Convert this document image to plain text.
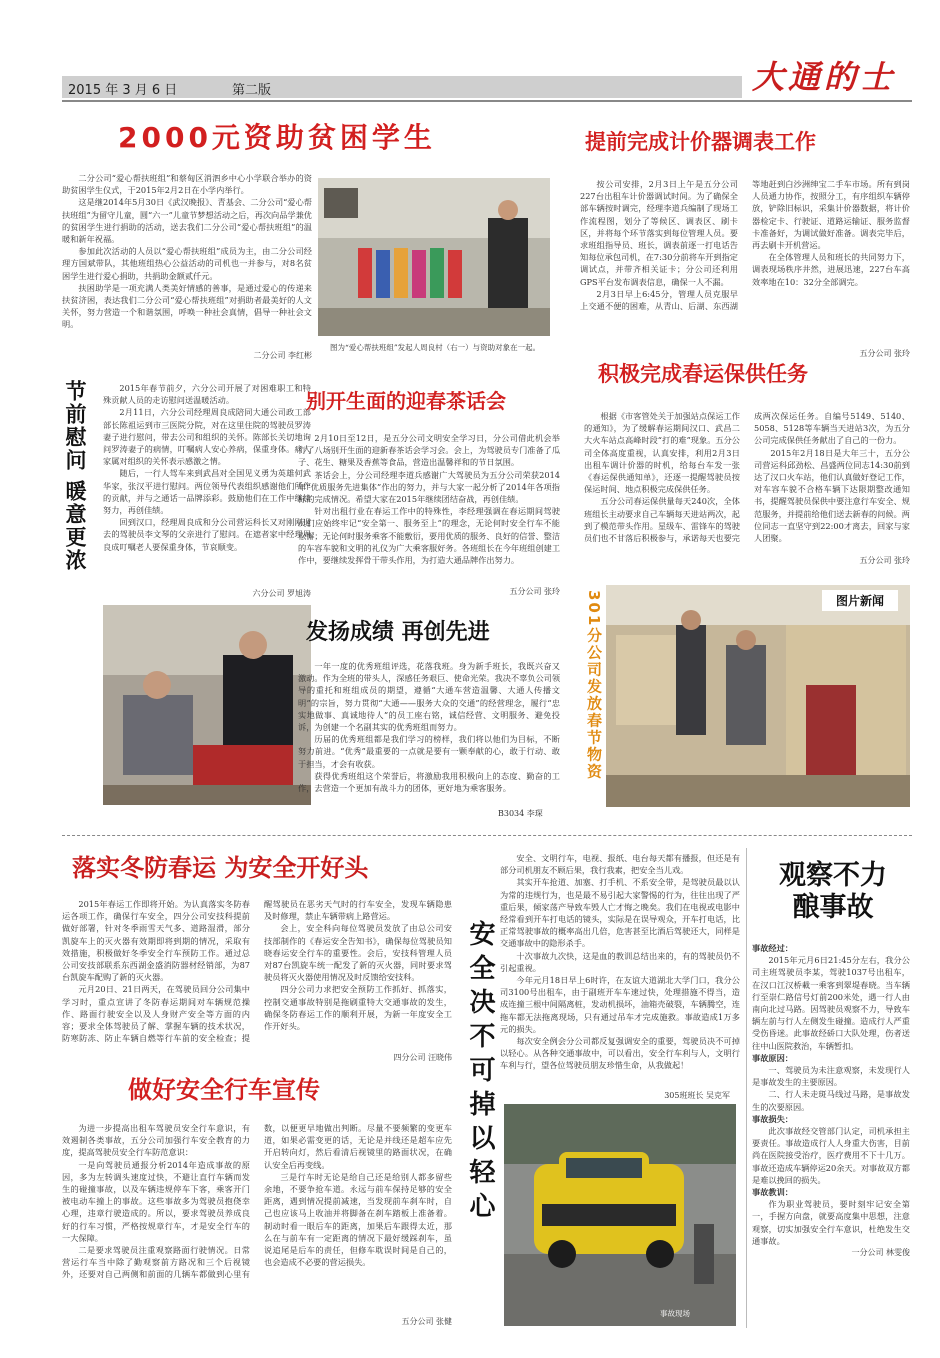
2015 年 3 月 6 日	第二版	大通的士
2000元资助贫困学生

二分公司“爱心帮扶班组”和蔡甸区消泗乡中心小学联合举办的资助贫困学生仪式，于2015年2月2日在小学内举行。

这是继2014年5月30日《武汉晚报》、青基会、二分公司“爱心帮扶班组”为留守儿童，圆“六一”儿童节梦想活动之后，再次向品学兼优的贫困学生进行捐助的活动，送去我们二分公司“爱心帮扶班组”的温暖和新年祝福。

参加此次活动的人员以“爱心帮扶班组”成员为主，由二分公司经理方国斌带队，其他班组热心公益活动的司机也一并参与，对8名贫困学生进行爱心捐助，共捐助金额贰仟元。

扶困助学是一项充满人类美好情感的善事，是通过爱心的传递来扶贫济困，表达我们二分公司“爱心帮扶班组”对捐助者最美好的人文关怀，努力营造一个和谐氛围，呼唤一种社会真情，倡导一种社会文明。

二分公司 李红彬
图为“爱心帮扶班组”发起人周良村（右一）与资助对象在一起。
提前完成计价器调表工作

按公司安排，2月3日上午是五分公司227台出租车计价器调试时间。为了确保全部车辆按时调完，经理李道兵编制了现场工作流程图，划分了等候区、调表区、刷卡区，并将每个环节落实到每位管理人员。要求班组指导员、班长，调表前逐一打电话告知每位承包司机，在7:30分前将车开到指定调试点，并带齐相关证卡；分公司还利用GPS平台发布调表信息，确保一人不漏。

2月3日早上6:45分，管理人员克服早上交通不便的困难，从青山、后湖、东西湖等地赶到白沙洲绅宝二手车市场。所有到岗人员通力协作，按照分工，有序组织车辆停放，铲除旧标识，采集计价器数据，将计价器检定卡、行驶证、道路运输证、服务监督卡准备好，为调试做好准备。调表完毕后，再去刷卡开机营运。

在全体管理人员和班长的共同努力下，调表现场秩序井然，进展迅速，227台车高效率地在10：32分全部调完。

五分公司 张玲
节前慰问
暖意更浓

2015年春节前夕，六分公司开展了对困难职工和特殊贡献人员的走访慰问送温暖活动。

2月11日，六分公司经理周良成陪同大通公司政工部部长陈祖运到市三医院分院，对在这里住院的驾驶员罗涛妻子进行慰问，带去公司和组织的关怀。陈部长关切地询问罗涛妻子的病情，叮嘱病人安心养病，保重身体。病人家属对组织的关怀表示感激之情。

随后，一行人驾车来到武昌对全国见义勇为英雄何武华家，张汉平进行慰问。两位领导代表组织感谢他们所作的贡献，并与之通话一品牌添彩。鼓励他们在工作中继续努力，再创佳绩。

回到汉口，经理周良成和分公司营运科长又对刚刚退去的驾驶员李文琴的父亲进行了慰问。在遮者家中经理周良成叮嘱老人要保重身体，节哀顺变。

六分公司 罗旭涛
别开生面的迎春茶话会

2月10日至12日，是五分公司文明安全学习日，分公司借此机会举行了八场别开生面的迎新春茶话会学习会。会上，为驾驶员专门准备了瓜子、花生、糖果及香蕉等食品，营造出温馨祥和的节日氛围。

茶话会上，分公司经理李道兵感谢广大驾驶员为五分公司荣获2014年“优质服务先进集体”作出的努力，并与大家一起分析了2014年各项指标的完成情况。希望大家在2015年继续团结奋战，再创佳绩。

针对出租行业在春运工作中的特殊性，李经理强调在春运期间驾驶员们应始终牢记“安全第一、服务至上”的理念，无论何时安全行车不能松懈；无论何时服务乘客不能敷衍，要用优质的服务、良好的信誉、整洁的车容车貌和文明的礼仪为广大乘客服好务。各班组长在今年班组创建工作中，要继续发挥骨干带头作用，为打造大通品牌作出努力。

五分公司 张玲
积极完成春运保供任务

根据《市客管处关于加强站点保运工作的通知》，为了缓解春运期间汉口、武昌二大火车站点高峰时段“打的难”现象。五分公司全体高度重视，认真安排，利用2月3日出租车调计价器的时机，给每台车发一张《春运保供通知单》，还逐一提醒驾驶员按保运时间、地点积极完成保供任务。

五分公司春运保供量每天240次，全体班组长主动要求自己车辆每天进站两次，起到了模范带头作用。星级车、雷锋车的驾驶员们也不甘落后积极参与，承诺每天也要完成两次保运任务。自编号5149、5140、5058、5128等车辆当天进站3次，为五分公司完成保供任务献出了自己的一份力。

2015年2月18日是大年三十，五分公司营运科邱劲松、昌盛两位同志14:30前到达了汉口火车站，他们认真做好登记工作，对车容车貌不合格车辆下达限期整改通知书，提醒驾驶员保供中要注意行车安全、规范服务，并提前给他们送去新春的问候。两位同志一直坚守到22:00才离去，回家与家人团聚。

五分公司 张玲
发扬成绩 再创先进

一年一度的优秀班组评选，花落我班。身为新手班长，我既兴奋又激动。作为全班的带头人，深感任务艰巨、使命光荣。我决不辜负公司领导的重托和班组成员的期望，遵循“大通车营造温馨、大通人传播文明”的宗旨，努力贯彻“大通——服务大众的交通”的经营理念，履行“忠实地做事、真诚地待人”的员工座右铭，诚信经营、文明服务、避免投诉，为创建一个名副其实的优秀班组而努力。

历届的优秀班组都是我们学习的榜样，我们将以他们为目标，不断努力前进。“优秀”最重要的一点就是要有一颗奉献的心，敢于行动、敢于担当，才会有收获。

获得优秀班组这个荣誉后，将激励我用积极向上的态度、勤奋的工作，去营造一个更加有战斗力的团体，更好地为乘客服务。

B3034 李琛
301分公司发放春节物资	图片新闻
落实冬防春运 为安全开好头

2015年春运工作即将开始。为认真落实冬防春运各项工作，确保行车安全，四分公司安技科提前做好部署，针对冬季雨雪天气多、道路湿滑，部分凯旋车上的灭火器有效期即将到期的情况，采取有效措施，积极做好冬季安全行车预防工作。通过总公司安技部联系东西湖金盛消防器材经销部，为87台凯旋车配购了新的灭火器。

元月20日、21日两天，在驾驶员回分公司集中学习时，重点宣讲了冬防春运期间对车辆规范操作、路面行驶安全以及人身财产安全等方面的内容；要求全体驾驶员了解、掌握车辆的技术状况，防寒防冻、防止车辆自燃等行车前的安全检查；提醒驾驶员在恶劣天气时的行车安全，发现车辆隐患及时修理，禁止车辆带病上路营运。

会上，安全科向每位驾驶员发放了由总公司安技部制作的《春运安全告知书》，确保每位驾驶员知晓春运安全行车的重要性。会后，安技科管理人员对87台凯旋车统一配发了新的灭火器，同时要求驾驶员将灭火器使用情况及时反馈给安技科。

四分公司力求把安全预防工作抓好、抓落实，控制交通事故特别是拖刷重特大交通事故的发生，确保冬防春运工作的顺利开展，为新一年度安全工作开好头。

四分公司 汪晓伟
做好安全行车宣传

为进一步提高出租车驾驶员安全行车意识，有效遏制各类事故，五分公司加强行车安全教育的力度，提高驾驶员安全行车防范意识：

一是向驾驶员通报分析2014年造成事故的原因，多为左转调头速度过快，不避让直行车辆而发生的碰撞事故，以及车辆违规停车下客，乘客开门被电动车撞上的事故。这些事故多为驾驶员抱侥幸心理，违章行驶造成的。所以，要求驾驶员养成良好的行车习惯，严格按规章行车，才是安全行车的一大保障。

二是要求驾驶员注重观察路面行驶情况。日常营运行车当中除了勤观察前方路况和三个后视镜外，还要对自己两侧和前面的几辆车都做到心里有数，以便更早地做出判断。尽量不要频繁的变更车道，如果必需变更的话，无论是并线还是超车应先开启转向灯，然后看清后视镜里的路面状况，在确认安全后再变线。

三是行车时无论是给自己还是给别人都多留些余地，不要争抢车道。永远与前车保持足够的安全距离，遇到情况提前减速，当发现前车刹车时，自己也应该马上收油并将脚备在刹车踏板上准备着。制动时看一眼后车的距离，加果后车跟得太近，那么在与前车有一定距离的情况下最好缓踩刹车，虽说追尾是后车的责任，但修车耽误时间是自己的，也会造成不必要的营运损失。

五分公司 张健
安全决不可掉以轻心

安全、文明行车，电视、报纸、电台每天都有播报，但还是有部分司机朋友不顾后果，我行我素，把安全当儿戏。

其实开车抢道、加塞、打手机、不系安全带，是驾驶员最以认为常的违规行为，也是最不易引起大家警惕的行为，往往出现了严重后果，倾家荡产导致车毁人亡才悔之晚矣。我们在电视或电影中经常看到开车打电话的镜头，实际是在误导观众，开车打电话，比正常驾驶事故的概率高出几倍，危害甚至比酒后驾驶还大，同样是交通事故中的隐形杀手。

十次事故九次快，这是血的教训总结出来的，有的驾驶员仍不引起重视。

今年元月18日早上6时许，在友谊大道湖北大学门口，我分公司3100号出租车，由于副班开车车速过快，处理措施不得当，造成连撞三根中间隔离桩，发动机损坏，油箱壳破裂，车辆腾空，连拖车都无法拖离现场，只有通过吊车才完成施救。事故造成1万多元的损失。

每次安全例会分公司都反复强调安全的重要，驾驶员决不可掉以轻心。从各种交通事故中，可以看出，安全行车利与人，文明行车利与行，望各位驾驶员朋友珍惜生命，从我做起！

305班班长 吴克军
事故现场
观察不力
酿事故
事故经过：

2015年元月6日21:45分左右，我分公司主班驾驶员李某，驾驶1037号出租车，在汉口江汉桥載一乘客到翠堤春晓。当车辆行至崇仁路信号灯前200米处，遇一行人由南向北过马路。因驾驶员观察不力，导致车辆左前与行人左侧发生碰撞。造成行人严重受伤昏迷。此事故经硚口大队处理，伤者送往中山医院救治，车辆暂扣。

事故原因：

一、驾驶员为未注意观察，未发现行人是事故发生的主要原因。

二、行人未走斑马线过马路，是事故发生的次要原因。

事故损失：

此次事故经交管部门认定，司机承担主要责任。事故造成行人人身重大伤害，目前尚在医院接受治疗，医疗费用不下十几万。事故还造成车辆停运20余天。对事故双方都是难以挽回的损失。

事故教训：

作为职业驾驶员，要时刻牢记安全第一，手握方向盘，就要高度集中思想，注意观察，切实加强安全行车意识，杜绝发生交通事故。

一分公司 林雯俊
